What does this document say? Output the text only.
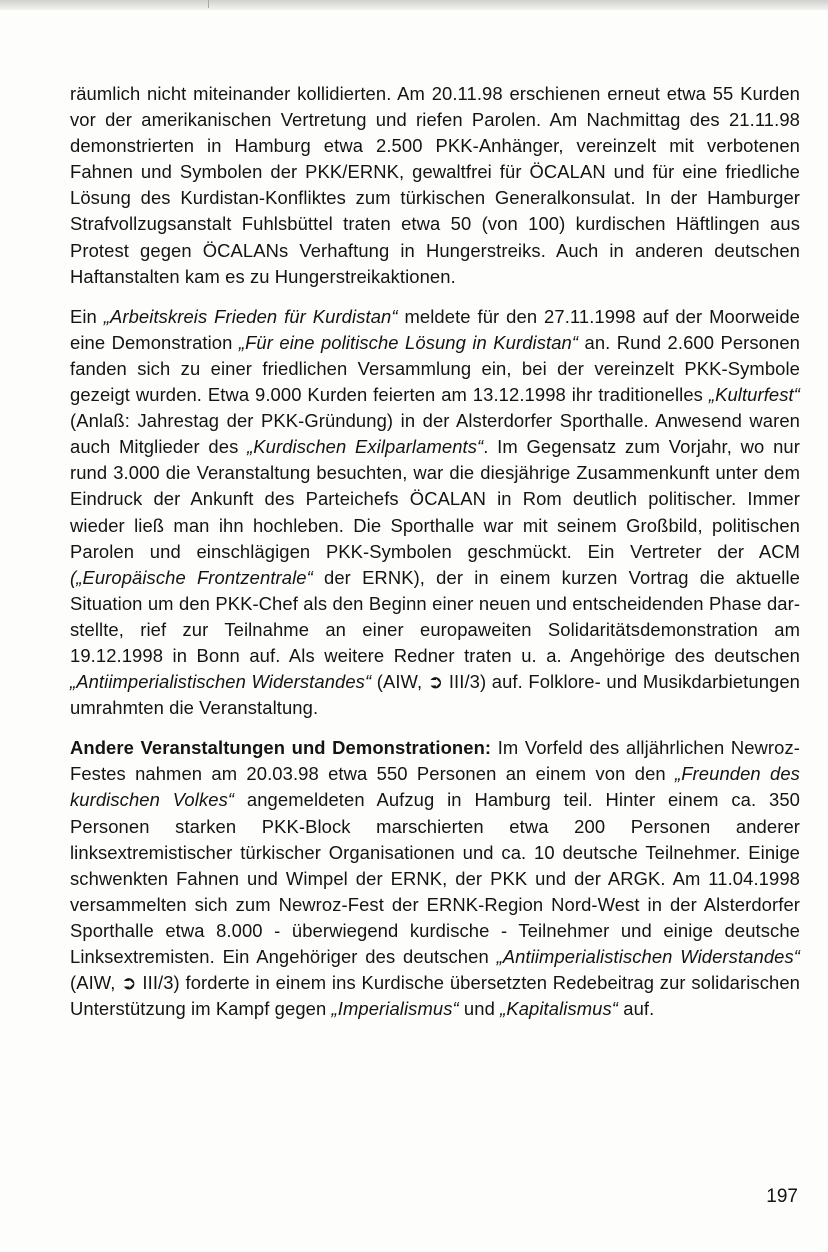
räumlich nicht miteinander kollidierten. Am 20.11.98 erschienen erneut etwa 55 Kurden vor der amerikanischen Vertretung und riefen Parolen. Am Nachmittag des 21.11.98 demonstrierten in Hamburg etwa 2.500 PKK-Anhänger, vereinzelt mit verbotenen Fahnen und Symbolen der PKK/ERNK, gewaltfrei für ÖCALAN und für eine friedliche Lösung des Kurdistan-Konfliktes zum türkischen Generalkonsulat. In der Hamburger Strafvollzugsanstalt Fuhlsbüttel traten etwa 50 (von 100) kurdischen Häftlingen aus Protest gegen ÖCALANs Verhaftung in Hungerstreiks. Auch in anderen deutschen Haftanstalten kam es zu Hungerstreikaktionen.

Ein „Arbeitskreis Frieden für Kurdistan“ meldete für den 27.11.1998 auf der Moorweide eine Demonstration „Für eine politische Lösung in Kurdistan“ an. Rund 2.600 Personen fanden sich zu einer friedlichen Versammlung ein, bei der vereinzelt PKK-Symbole gezeigt wurden. Etwa 9.000 Kurden feierten am 13.12.1998 ihr traditionelles „Kulturfest“ (Anlaß: Jahrestag der PKK-Gründung) in der Alsterdorfer Sporthalle. Anwesend waren auch Mitglieder des „Kurdischen Exilparlaments“. Im Gegensatz zum Vorjahr, wo nur rund 3.000 die Veranstaltung besuchten, war die diesjährige Zusammenkunft unter dem Eindruck der Ankunft des Parteichefs ÖCALAN in Rom deutlich politischer. Immer wieder ließ man ihn hochleben. Die Sporthalle war mit seinem Großbild, politischen Parolen und einschlägigen PKK-Symbolen geschmückt. Ein Vertreter der ACM („Europäische Frontzentrale“ der ERNK), der in einem kurzen Vortrag die aktuelle Situation um den PKK-Chef als den Beginn einer neuen und entscheidenden Phase darstellte, rief zur Teilnahme an einer europaweiten Solidaritätsdemonstration am 19.12.1998 in Bonn auf. Als weitere Redner traten u. a. Angehörige des deutschen „Antiimperialistischen Widerstandes“ (AIW, ➲ III/3) auf. Folklore- und Musikdarbietungen umrahmten die Veranstaltung.

Andere Veranstaltungen und Demonstrationen: Im Vorfeld des alljährlichen Newroz-Festes nahmen am 20.03.98 etwa 550 Personen an einem von den „Freunden des kurdischen Volkes“ angemeldeten Aufzug in Hamburg teil. Hinter einem ca. 350 Personen starken PKK-Block marschierten etwa 200 Personen anderer linksextremistischer türkischer Organisationen und ca. 10 deutsche Teilnehmer. Einige schwenkten Fahnen und Wimpel der ERNK, der PKK und der ARGK. Am 11.04.1998 versammelten sich zum Newroz-Fest der ERNK-Region Nord-West in der Alsterdorfer Sporthalle etwa 8.000 - überwiegend kurdische - Teilnehmer und einige deutsche Linksextremisten. Ein Angehöriger des deutschen „Antiimperialistischen Widerstandes“ (AIW, ➲ III/3) forderte in einem ins Kurdische übersetzten Redebeitrag zur solidarischen Unterstützung im Kampf gegen „Imperialismus“ und „Kapitalismus“ auf.

197
